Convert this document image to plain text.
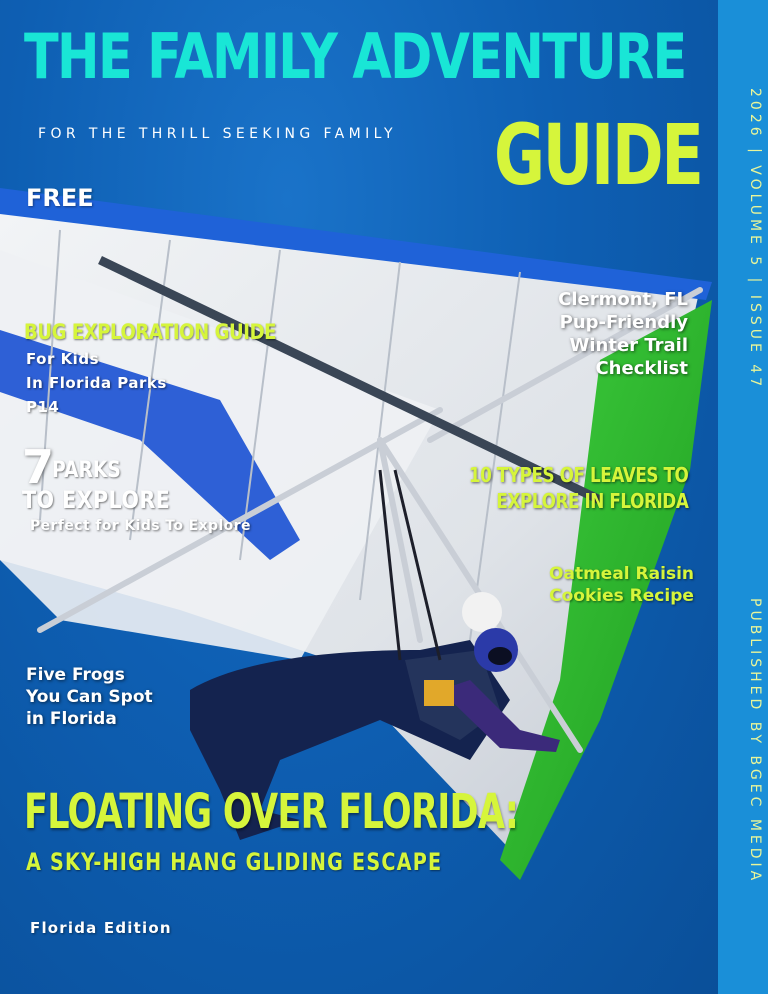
THE FAMILY ADVENTURE
FOR THE THRILL SEEKING FAMILY GUIDE
FREE
BUG EXPLORATION GUIDE
For Kids
In Florida Parks
P14
7
PARKS
TO EXPLORE
Perfect for Kids To Explore
Clermont, FL
Pup-Friendly
Winter Trail
Checklist
10 TYPES OF LEAVES TO
EXPLORE IN FLORIDA
Oatmeal Raisin
Cookies Recipe
Five Frogs
You Can Spot
in Florida
FLOATING OVER FLORIDA:
A SKY-HIGH HANG GLIDING ESCAPE
Florida Edition
2026 | VOLUME 5 | ISSUE 47
PUBLISHED BY BGEC MEDIA
